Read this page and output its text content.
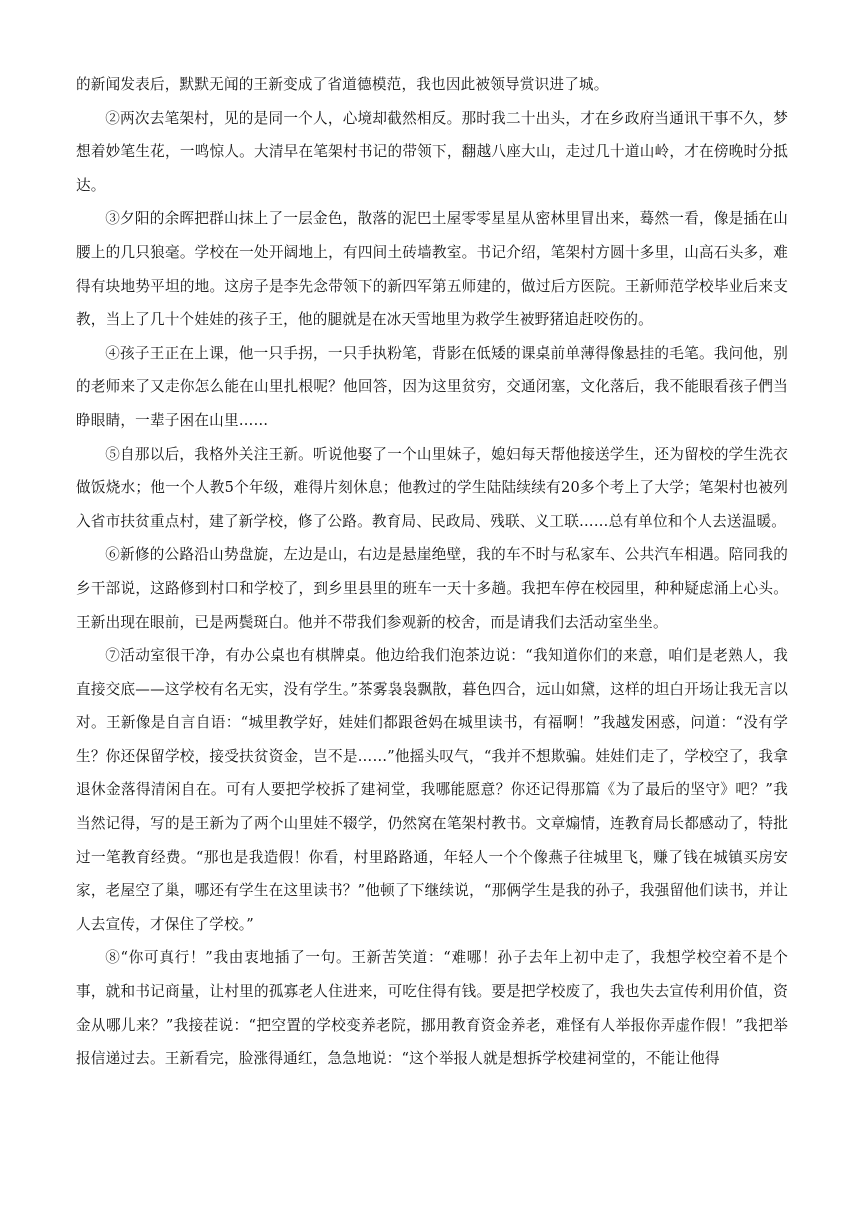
的新闻发表后，默默无闻的王新变成了省道德模范，我也因此被领导赏识进了城。

②两次去笔架村，见的是同一个人，心境却截然相反。那时我二十出头，才在乡政府当通讯干事不久，梦想着妙笔生花，一鸣惊人。大清早在笔架村书记的带领下，翻越八座大山，走过几十道山岭，才在傍晚时分抵达。

③夕阳的余晖把群山抹上了一层金色，散落的泥巴土屋零零星星从密林里冒出来，蓦然一看，像是插在山腰上的几只狼毫。学校在一处开阔地上，有四间土砖墙教室。书记介绍，笔架村方圆十多里，山高石头多，难得有块地势平坦的地。这房子是李先念带领下的新四军第五师建的，做过后方医院。王新师范学校毕业后来支教，当上了几十个娃娃的孩子王，他的腿就是在冰天雪地里为救学生被野猪追赶咬伤的。

④孩子王正在上课，他一只手拐，一只手执粉笔，背影在低矮的课桌前单薄得像悬挂的毛笔。我问他，别的老师来了又走你怎么能在山里扎根呢？他回答，因为这里贫穷，交通闭塞，文化落后，我不能眼看孩子們当睁眼睛，一辈子困在山里……

⑤自那以后，我格外关注王新。听说他娶了一个山里妹子，媳妇每天帮他接送学生，还为留校的学生洗衣做饭烧水；他一个人教5个年级，难得片刻休息；他教过的学生陆陆续续有20多个考上了大学；笔架村也被列入省市扶贫重点村，建了新学校，修了公路。教育局、民政局、残联、义工联……总有单位和个人去送温暖。

⑥新修的公路沿山势盘旋，左边是山，右边是悬崖绝壁，我的车不时与私家车、公共汽车相遇。陪同我的乡干部说，这路修到村口和学校了，到乡里县里的班车一天十多趟。我把车停在校园里，种种疑虑涌上心头。王新出现在眼前，已是两鬓斑白。他并不带我们参观新的校舍，而是请我们去活动室坐坐。

⑦活动室很干净，有办公桌也有棋牌桌。他边给我们泡茶边说：“我知道你们的来意，咱们是老熟人，我直接交底——这学校有名无实，没有学生。”茶雾袅袅飘散，暮色四合，远山如黛，这样的坦白开场让我无言以对。王新像是自言自语：“城里教学好，娃娃们都跟爸妈在城里读书，有福啊！”我越发困惑，问道：“没有学生？你还保留学校，接受扶贫资金，岂不是……”他摇头叹气，“我并不想欺骗。娃娃们走了，学校空了，我拿退休金落得清闲自在。可有人要把学校拆了建祠堂，我哪能愿意？你还记得那篇《为了最后的坚守》吧？”我当然记得，写的是王新为了两个山里娃不辍学，仍然窝在笔架村教书。文章煽情，连教育局长都感动了，特批过一笔教育经费。“那也是我造假！你看，村里路路通，年轻人一个个像燕子往城里飞，赚了钱在城镇买房安家，老屋空了巢，哪还有学生在这里读书？”他顿了下继续说，“那俩学生是我的孙子，我强留他们读书，并让人去宣传，才保住了学校。”

⑧“你可真行！”我由衷地插了一句。王新苦笑道：“难哪！孙子去年上初中走了，我想学校空着不是个事，就和书记商量，让村里的孤寡老人住进来，可吃住得有钱。要是把学校废了，我也失去宣传利用价值，资金从哪儿来？”我接茬说：“把空置的学校变养老院，挪用教育资金养老，难怪有人举报你弄虚作假！”我把举报信递过去。王新看完，脸涨得通红，急急地说：“这个举报人就是想拆学校建祠堂的，不能让他得
